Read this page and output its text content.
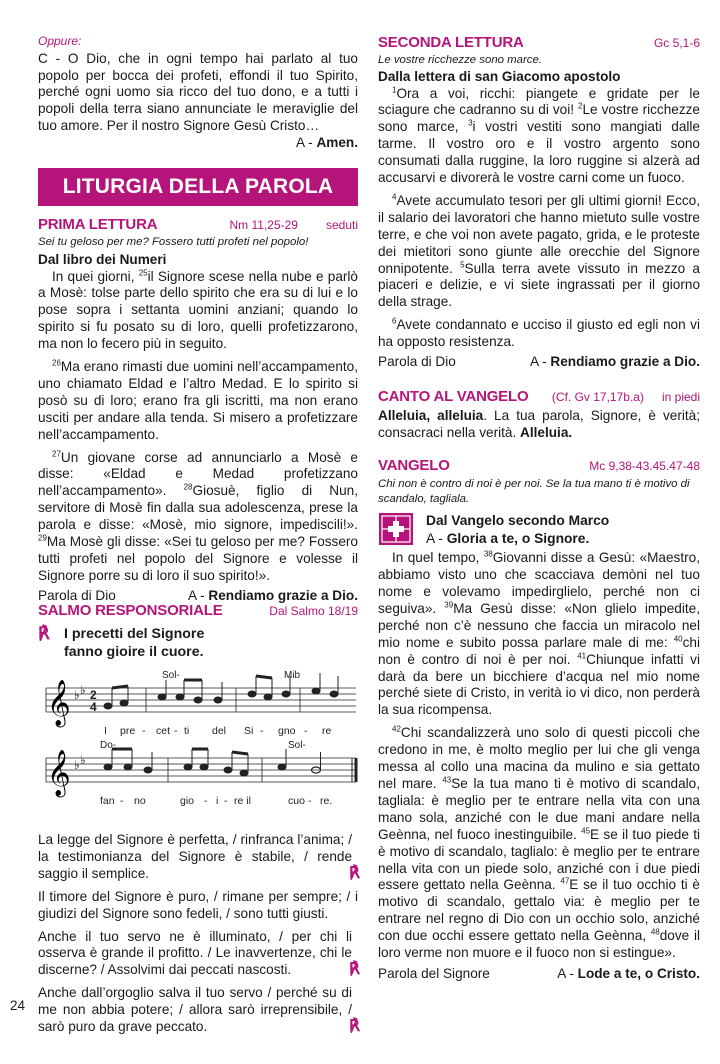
Oppure:

C - O Dio, che in ogni tempo hai parlato al tuo popolo per bocca dei profeti, effondi il tuo Spirito, perché ogni uomo sia ricco del tuo dono, e a tutti i popoli della terra siano annunciate le meraviglie del tuo amore. Per il nostro Signore Gesù Cristo…
A - Amen.

LITURGIA DELLA PAROLA
PRIMA LETTURA	Nm 11,25-29 seduti
Sei tu geloso per me? Fossero tutti profeti nel popolo!
Dal libro dei Numeri

In quei giorni, $^{25}$il Signore scese nella nube e parlò a Mosè: tolse parte dello spirito che era su di lui e lo pose sopra i settanta uomini anziani; quando lo spirito si fu posato su di loro, quelli profetizzarono, ma non lo fecero più in seguito.

$^{26}$Ma erano rimasti due uomini nell’accampamento, uno chiamato Eldad e l’altro Medad. E lo spirito si posò su di loro; erano fra gli iscritti, ma non erano usciti per andare alla tenda. Si misero a profetizzare nell’accampamento.

$^{27}$Un giovane corse ad annunciarlo a Mosè e disse: «Eldad e Medad profetizzano nell’accampamento». $^{28}$Giosuè, figlio di Nun, servitore di Mosè fin dalla sua adolescenza, prese la parola e disse: «Mosè, mio signore, impediscili!». $^{29}$Ma Mosè gli disse: «Sei tu geloso per me? Fossero tutti profeti nel popolo del Signore e volesse il Signore porre su di loro il suo spirito!».

Parola di Dio	A - Rendiamo grazie a Dio.
SALMO RESPONSORIALE	Dal Salmo 18/19
℟	I precetti del Signore
fanno gioire il cuore.
𝄞 ♭ ♭ 2
4
Sol-	Mib
I pre - cet - ti del Si - gno - re
Do-	Sol-
𝄞 ♭ ♭
fan - no	gio - i - re il	cuo - re.

La legge del Signore è perfetta, / rinfranca l’anima; / la testimonianza del Signore è stabile, / rende saggio il semplice.	℟

Il timore del Signore è puro, / rimane per sempre; / i giudizi del Signore sono fedeli, / sono tutti giusti.

Anche il tuo servo ne è illuminato, / per chi li osserva è grande il profitto. / Le inavvertenze, chi le discerne? / Assolvimi dai peccati nascosti.	℟

Anche dall’orgoglio salva il tuo servo / perché su di me non abbia potere; / allora sarò irreprensibile, / sarò puro da grave peccato.	℟
24
SECONDA LETTURA	Gc 5,1-6
Le vostre ricchezze sono marce.
Dalla lettera di san Giacomo apostolo

$^1$Ora a voi, ricchi: piangete e gridate per le sciagure che cadranno su di voi! $^2$Le vostre ricchezze sono marce, $^3$i vostri vestiti sono mangiati dalle tarme. Il vostro oro e il vostro argento sono consumati dalla ruggine, la loro ruggine si alzerà ad accusarvi e divorerà le vostre carni come un fuoco.

$^4$Avete accumulato tesori per gli ultimi giorni! Ecco, il salario dei lavoratori che hanno mietuto sulle vostre terre, e che voi non avete pagato, grida, e le proteste dei mietitori sono giunte alle orecchie del Signore onnipotente. $^5$Sulla terra avete vissuto in mezzo a piaceri e delizie, e vi siete ingrassati per il giorno della strage.

$^6$Avete condannato e ucciso il giusto ed egli non vi ha opposto resistenza.

Parola di Dio	A - Rendiamo grazie a Dio.
CANTO AL VANGELO (Cf. Gv 17,17b.a) in piedi

Alleluia, alleluia. La tua parola, Signore, è verità; consacraci nella verità. Alleluia.

VANGELO	Mc 9,38-43.45.47-48
Chi non è contro di noi è per noi. Se la tua mano ti è motivo di scandalo, tagliala.
Dal Vangelo secondo Marco
A - Gloria a te, o Signore.

In quel tempo, $^{38}$Giovanni disse a Gesù: «Maestro, abbiamo visto uno che scacciava demòni nel tuo nome e volevamo impedirglielo, perché non ci seguiva». $^{39}$Ma Gesù disse: «Non glielo impedite, perché non c’è nessuno che faccia un miracolo nel mio nome e subito possa parlare male di me: $^{40}$chi non è contro di noi è per noi. $^{41}$Chiunque infatti vi darà da bere un bicchiere d’acqua nel mio nome perché siete di Cristo, in verità io vi dico, non perderà la sua ricompensa.

$^{42}$Chi scandalizzerà uno solo di questi piccoli che credono in me, è molto meglio per lui che gli venga messa al collo una macina da mulino e sia gettato nel mare. $^{43}$Se la tua mano ti è motivo di scandalo, tagliala: è meglio per te entrare nella vita con una mano sola, anziché con le due mani andare nella Geènna, nel fuoco inestinguibile. $^{45}$E se il tuo piede ti è motivo di scandalo, taglialo: è meglio per te entrare nella vita con un piede solo, anziché con i due piedi essere gettato nella Geènna. $^{47}$E se il tuo occhio ti è motivo di scandalo, gettalo via: è meglio per te entrare nel regno di Dio con un occhio solo, anziché con due occhi essere gettato nella Geènna, $^{48}$dove il loro verme non muore e il fuoco non si estingue».

Parola del Signore	A - Lode a te, o Cristo.
